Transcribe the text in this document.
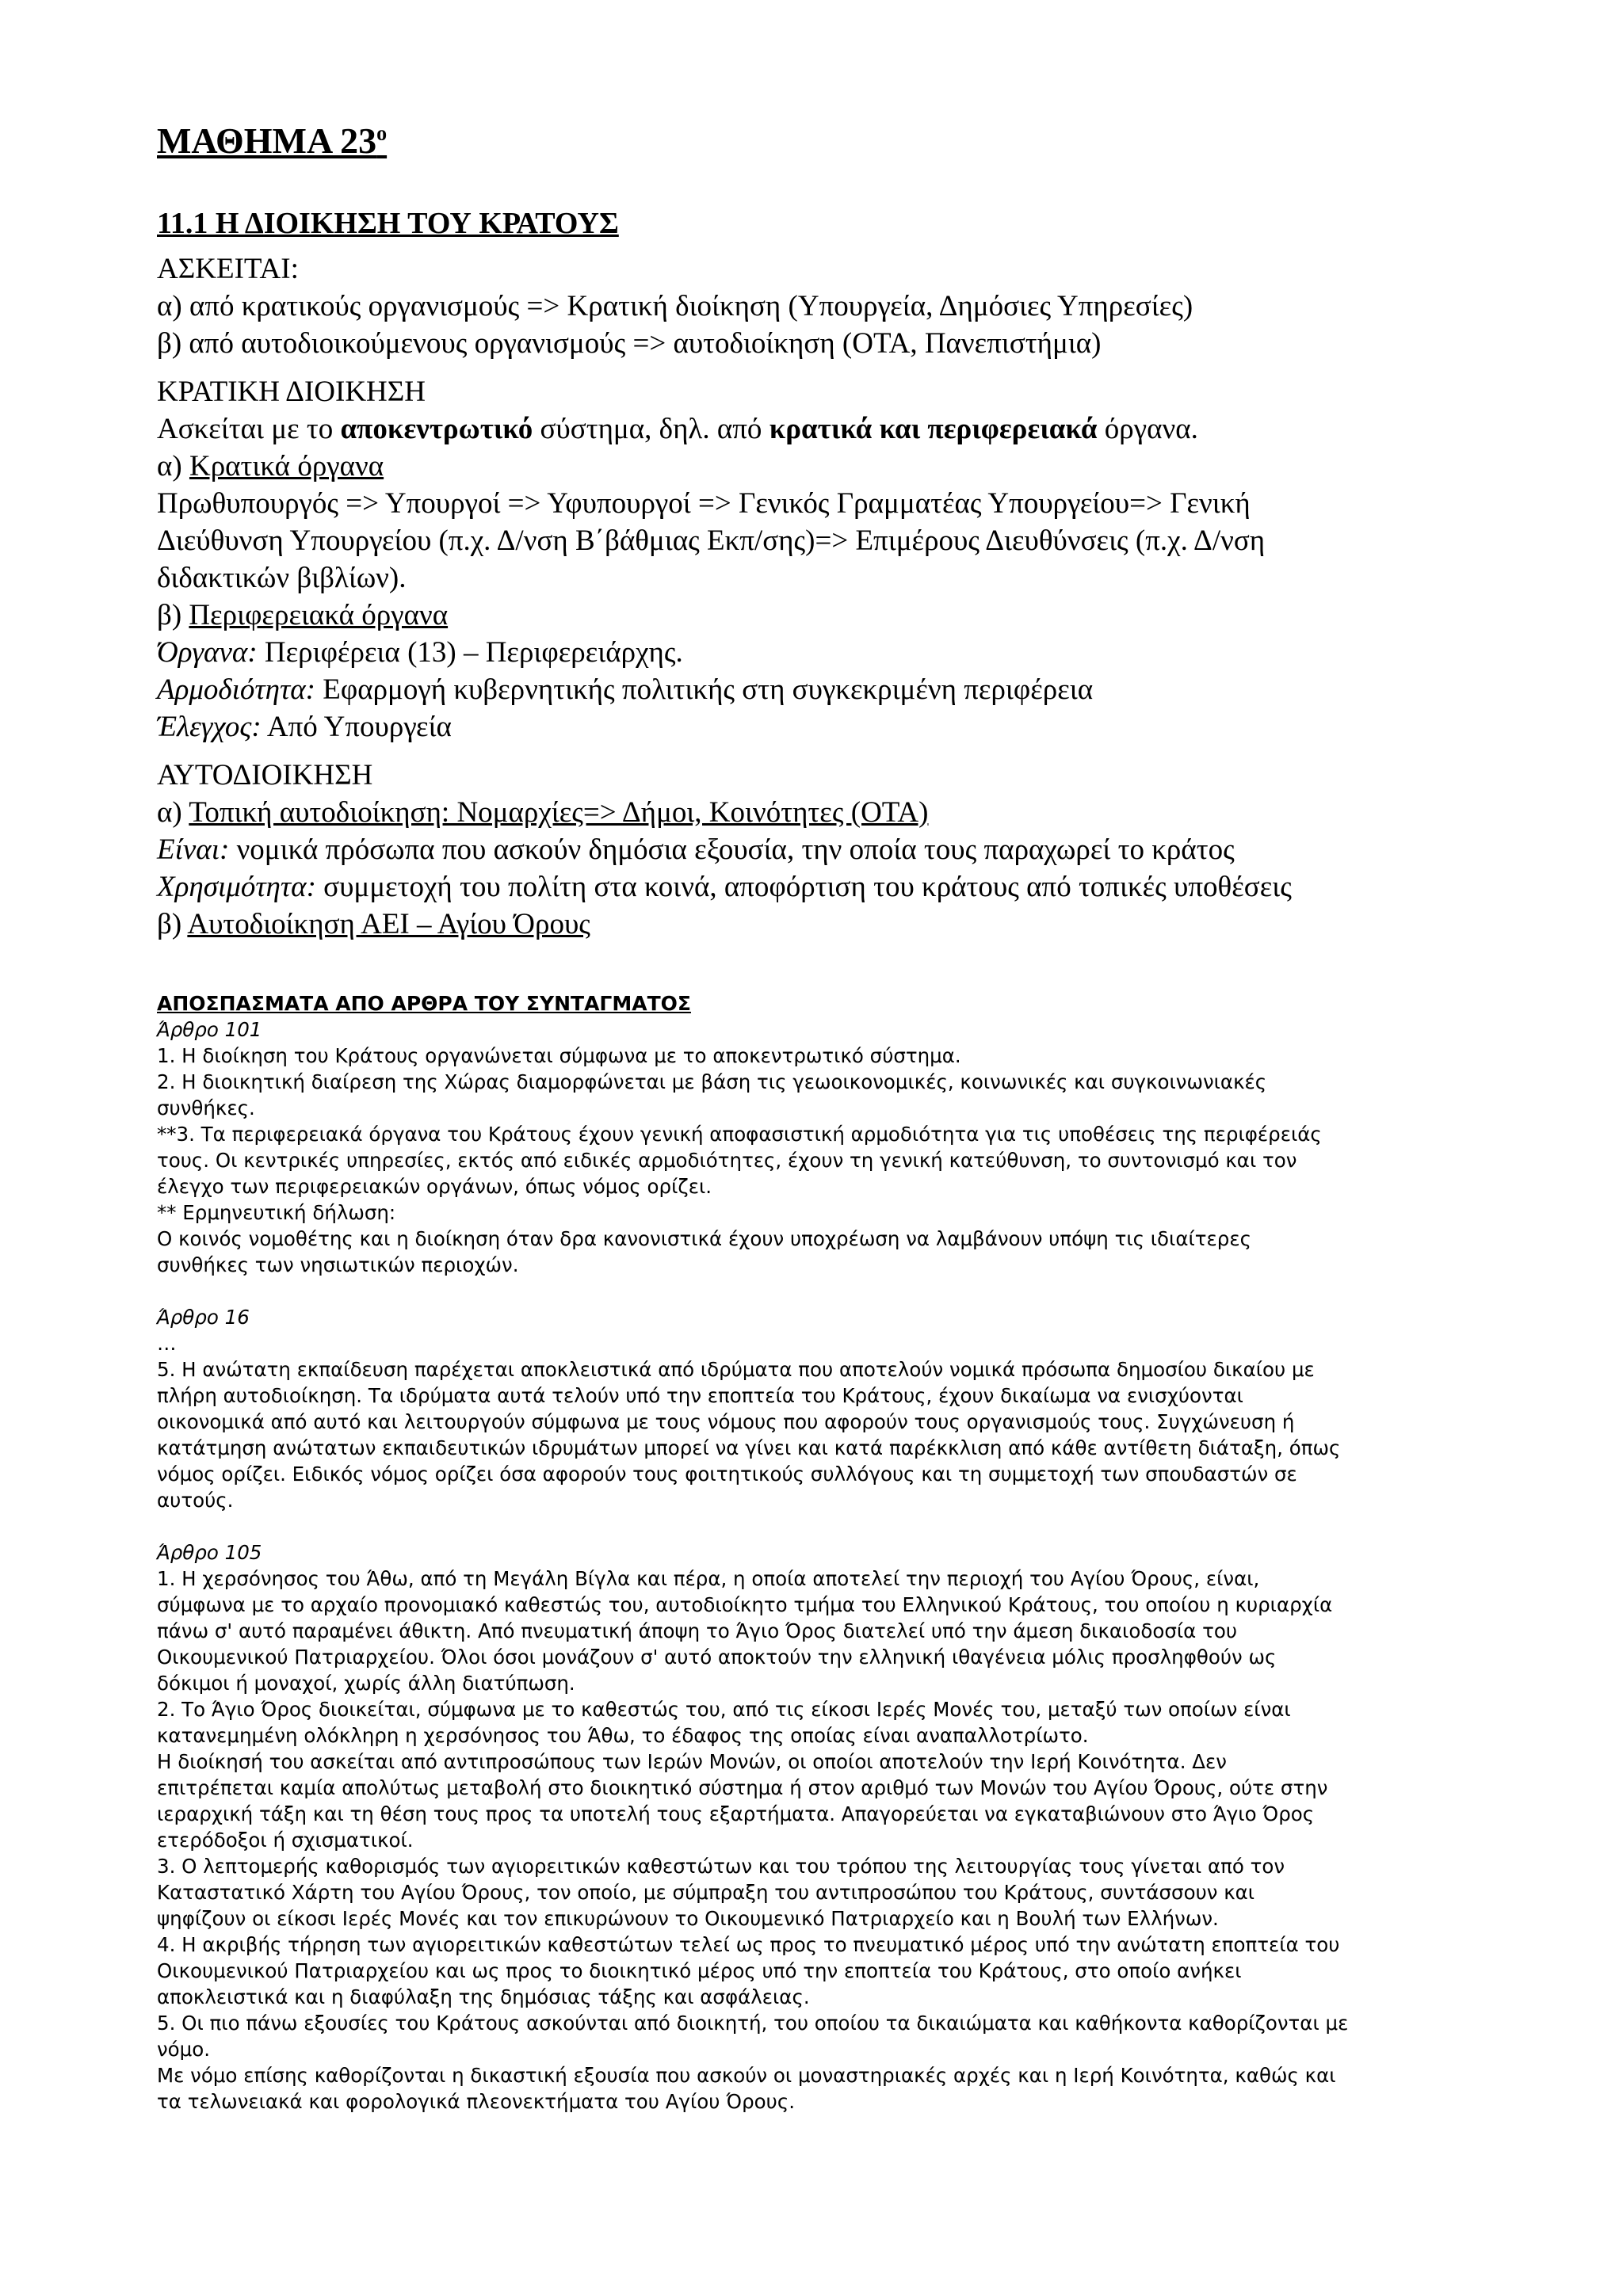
ΜΑΘΗΜΑ $23^o$
11.1 Η ΔΙΟΙΚΗΣΗ ΤΟΥ ΚΡΑΤΟΥΣ

ΑΣΚΕΙΤΑΙ:

α) από κρατικούς οργανισμούς => Κρατική διοίκηση (Υπουργεία, Δημόσιες Υπηρεσίες)

β) από αυτοδιοικούμενους οργανισμούς => αυτοδιοίκηση (ΟΤΑ, Πανεπιστήμια)

ΚΡΑΤΙΚΗ ΔΙΟΙΚΗΣΗ

Ασκείται με το αποκεντρωτικό σύστημα, δηλ. από κρατικά και περιφερειακά όργανα.

α) Κρατικά όργανα

Πρωθυπουργός => Υπουργοί => Υφυπουργοί => Γενικός Γραμματέας Υπουργείου=> Γενική

Διεύθυνση Υπουργείου (π.χ. Δ/νση Β΄βάθμιας Εκπ/σης)=> Επιμέρους Διευθύνσεις (π.χ. Δ/νση

διδακτικών βιβλίων).

β) Περιφερειακά όργανα

Όργανα: Περιφέρεια (13) – Περιφερειάρχης.

Αρμοδιότητα: Εφαρμογή κυβερνητικής πολιτικής στη συγκεκριμένη περιφέρεια

Έλεγχος: Από Υπουργεία

ΑΥΤΟΔΙΟΙΚΗΣΗ

α) Τοπική αυτοδιοίκηση: Νομαρχίες=> Δήμοι, Κοινότητες (ΟΤΑ)

Είναι: νομικά πρόσωπα που ασκούν δημόσια εξουσία, την οποία τους παραχωρεί το κράτος

Χρησιμότητα: συμμετοχή του πολίτη στα κοινά, αποφόρτιση του κράτους από τοπικές υποθέσεις

β) Αυτοδιοίκηση ΑΕΙ – Αγίου Όρους

ΑΠΟΣΠΑΣΜΑΤΑ ΑΠΟ ΑΡΘΡΑ ΤΟΥ ΣΥΝΤΑΓΜΑΤΟΣ

Άρθρο 101

1. Η διοίκηση του Κράτους οργανώνεται σύμφωνα με το αποκεντρωτικό σύστημα.

2. Η διοικητική διαίρεση της Χώρας διαμορφώνεται με βάση τις γεωοικονομικές, κοινωνικές και συγκοινωνιακές

συνθήκες.

**3. Τα περιφερειακά όργανα του Κράτους έχουν γενική αποφασιστική αρμοδιότητα για τις υποθέσεις της περιφέρειάς

τους. Οι κεντρικές υπηρεσίες, εκτός από ειδικές αρμοδιότητες, έχουν τη γενική κατεύθυνση, το συντονισμό και τον

έλεγχο των περιφερειακών οργάνων, όπως νόμος ορίζει.

** Ερμηνευτική δήλωση:

Ο κοινός νομοθέτης και η διοίκηση όταν δρα κανονιστικά έχουν υποχρέωση να λαμβάνουν υπόψη τις ιδιαίτερες

συνθήκες των νησιωτικών περιοχών.

Άρθρο 16

…

5. Η ανώτατη εκπαίδευση παρέχεται αποκλειστικά από ιδρύματα που αποτελούν νομικά πρόσωπα δημοσίου δικαίου με

πλήρη αυτοδιοίκηση. Τα ιδρύματα αυτά τελούν υπό την εποπτεία του Κράτους, έχουν δικαίωμα να ενισχύονται

οικονομικά από αυτό και λειτουργούν σύμφωνα με τους νόμους που αφορούν τους οργανισμούς τους. Συγχώνευση ή

κατάτμηση ανώτατων εκπαιδευτικών ιδρυμάτων μπορεί να γίνει και κατά παρέκκλιση από κάθε αντίθετη διάταξη, όπως

νόμος ορίζει. Ειδικός νόμος ορίζει όσα αφορούν τους φοιτητικούς συλλόγους και τη συμμετοχή των σπουδαστών σε

αυτούς.

Άρθρο 105

1. Η χερσόνησος του Άθω, από τη Μεγάλη Βίγλα και πέρα, η οποία αποτελεί την περιοχή του Αγίου Όρους, είναι,

σύμφωνα με το αρχαίο προνομιακό καθεστώς του, αυτοδιοίκητο τμήμα του Ελληνικού Κράτους, του οποίου η κυριαρχία

πάνω σ' αυτό παραμένει άθικτη. Από πνευματική άποψη το Άγιο Όρος διατελεί υπό την άμεση δικαιοδοσία του

Οικουμενικού Πατριαρχείου. Όλοι όσοι μονάζουν σ' αυτό αποκτούν την ελληνική ιθαγένεια μόλις προσληφθούν ως

δόκιμοι ή μοναχοί, χωρίς άλλη διατύπωση.

2. Το Άγιο Όρος διοικείται, σύμφωνα με το καθεστώς του, από τις είκοσι Ιερές Μονές του, μεταξύ των οποίων είναι

κατανεμημένη ολόκληρη η χερσόνησος του Άθω, το έδαφος της οποίας είναι αναπαλλοτρίωτο.

Η διοίκησή του ασκείται από αντιπροσώπους των Ιερών Μονών, οι οποίοι αποτελούν την Ιερή Κοινότητα. Δεν

επιτρέπεται καμία απολύτως μεταβολή στο διοικητικό σύστημα ή στον αριθμό των Μονών του Αγίου Όρους, ούτε στην

ιεραρχική τάξη και τη θέση τους προς τα υποτελή τους εξαρτήματα. Απαγορεύεται να εγκαταβιώνουν στο Άγιο Όρος

ετερόδοξοι ή σχισματικοί.

3. Ο λεπτομερής καθορισμός των αγιορειτικών καθεστώτων και του τρόπου της λειτουργίας τους γίνεται από τον

Καταστατικό Χάρτη του Αγίου Όρους, τον οποίο, με σύμπραξη του αντιπροσώπου του Κράτους, συντάσσουν και

ψηφίζουν οι είκοσι Ιερές Μονές και τον επικυρώνουν το Οικουμενικό Πατριαρχείο και η Βουλή των Ελλήνων.

4. Η ακριβής τήρηση των αγιορειτικών καθεστώτων τελεί ως προς το πνευματικό μέρος υπό την ανώτατη εποπτεία του

Οικουμενικού Πατριαρχείου και ως προς το διοικητικό μέρος υπό την εποπτεία του Κράτους, στο οποίο ανήκει

αποκλειστικά και η διαφύλαξη της δημόσιας τάξης και ασφάλειας.

5. Οι πιο πάνω εξουσίες του Κράτους ασκούνται από διοικητή, του οποίου τα δικαιώματα και καθήκοντα καθορίζονται με

νόμο.

Με νόμο επίσης καθορίζονται η δικαστική εξουσία που ασκούν οι μοναστηριακές αρχές και η Ιερή Κοινότητα, καθώς και

τα τελωνειακά και φορολογικά πλεονεκτήματα του Αγίου Όρους.
